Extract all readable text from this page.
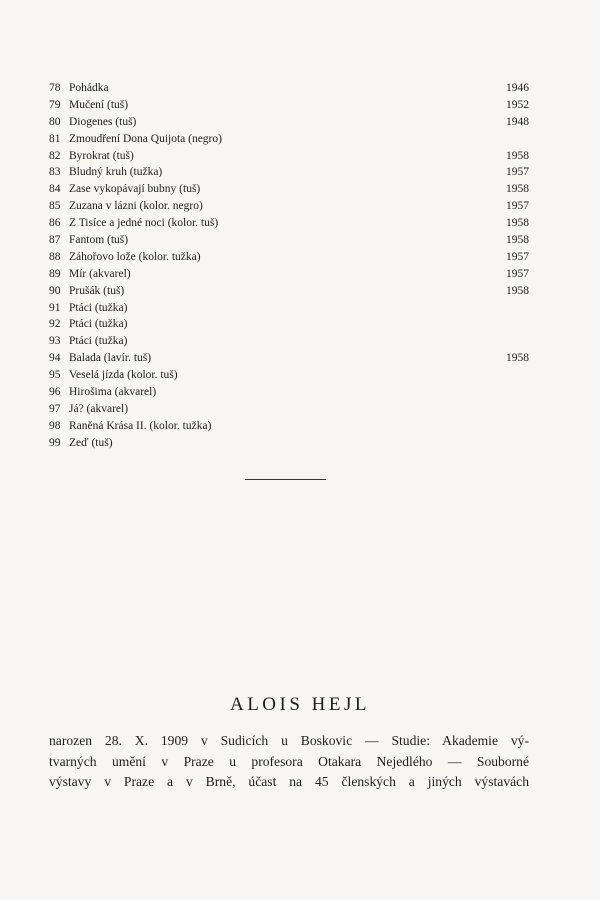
78 Pohádka	1946
79 Mučení (tuš)	1952
80 Diogenes (tuš)	1948
81 Zmoudření Dona Quijota (negro)
82 Byrokrat (tuš)	1958
83 Bludný kruh (tužka)	1957
84 Zase vykopávají bubny (tuš)	1958
85 Zuzana v lázni (kolor. negro)	1957
86 Z Tisíce a jedné noci (kolor. tuš)	1958
87 Fantom (tuš)	1958
88 Záhořovo lože (kolor. tužka)	1957
89 Mír (akvarel)	1957
90 Prušák (tuš)	1958
91 Ptáci (tužka)
92 Ptáci (tužka)
93 Ptáci (tužka)
94 Balada (lavír. tuš)	1958
95 Veselá jízda (kolor. tuš)
96 Hirošima (akvarel)
97 Já? (akvarel)
98 Raněná Krása II. (kolor. tužka)
99 Zeď (tuš)
ALOIS HEJL

narozen 28. X. 1909 v Sudicích u Boskovic — Studie: Akademie vý-
tvarných umění v Praze u profesora Otakara Nejedlého — Souborné
výstavy v Praze a v Brně, účast na 45 členských a jiných výstavách
